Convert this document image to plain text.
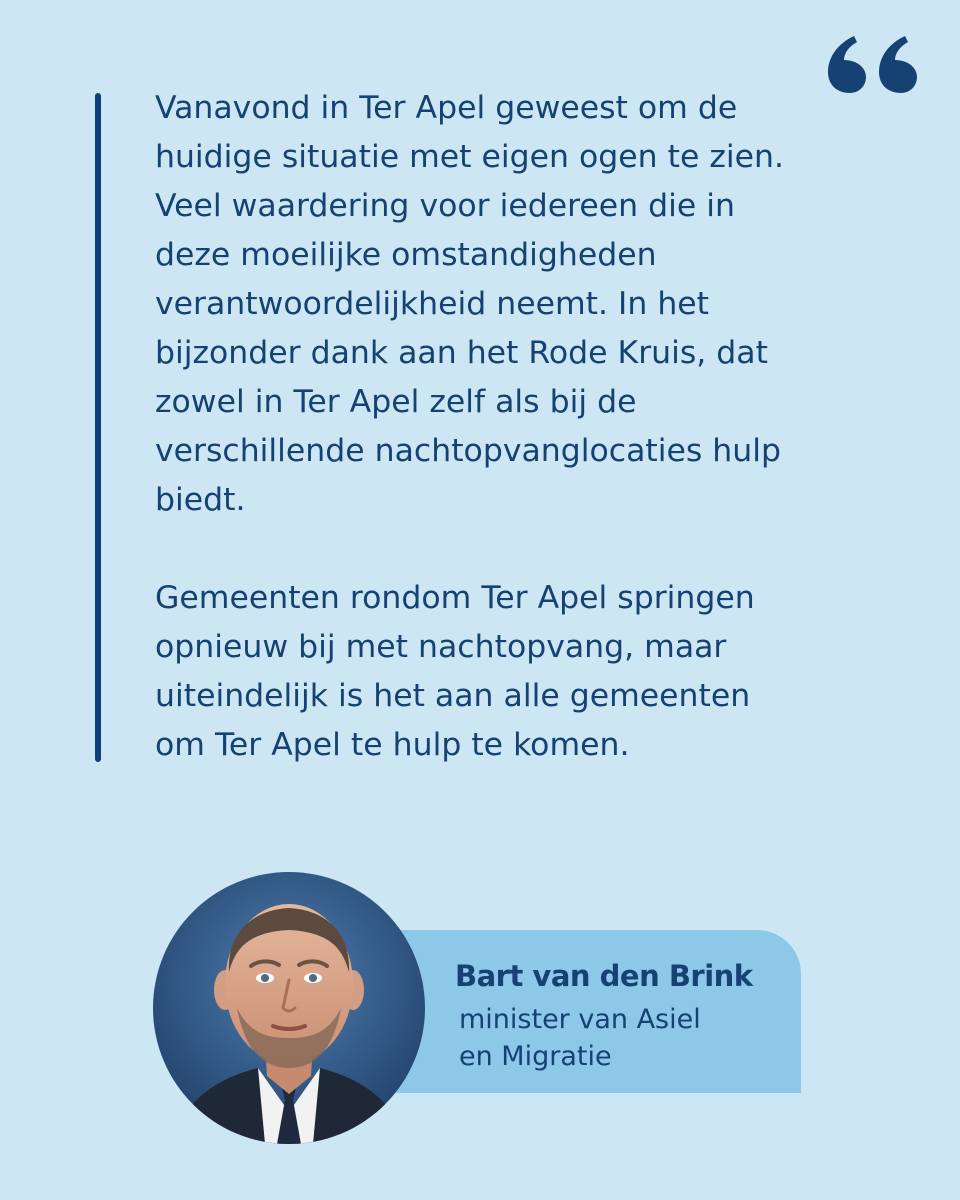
Vanavond in Ter Apel geweest om de
huidige situatie met eigen ogen te zien.
Veel waardering voor iedereen die in
deze moeilijke omstandigheden
verantwoordelijkheid neemt. In het
bijzonder dank aan het Rode Kruis, dat
zowel in Ter Apel zelf als bij de
verschillende nachtopvanglocaties hulp
biedt.

Gemeenten rondom Ter Apel springen
opnieuw bij met nachtopvang, maar
uiteindelijk is het aan alle gemeenten
om Ter Apel te hulp te komen.

Bart van den Brink
minister van Asiel
en Migratie
